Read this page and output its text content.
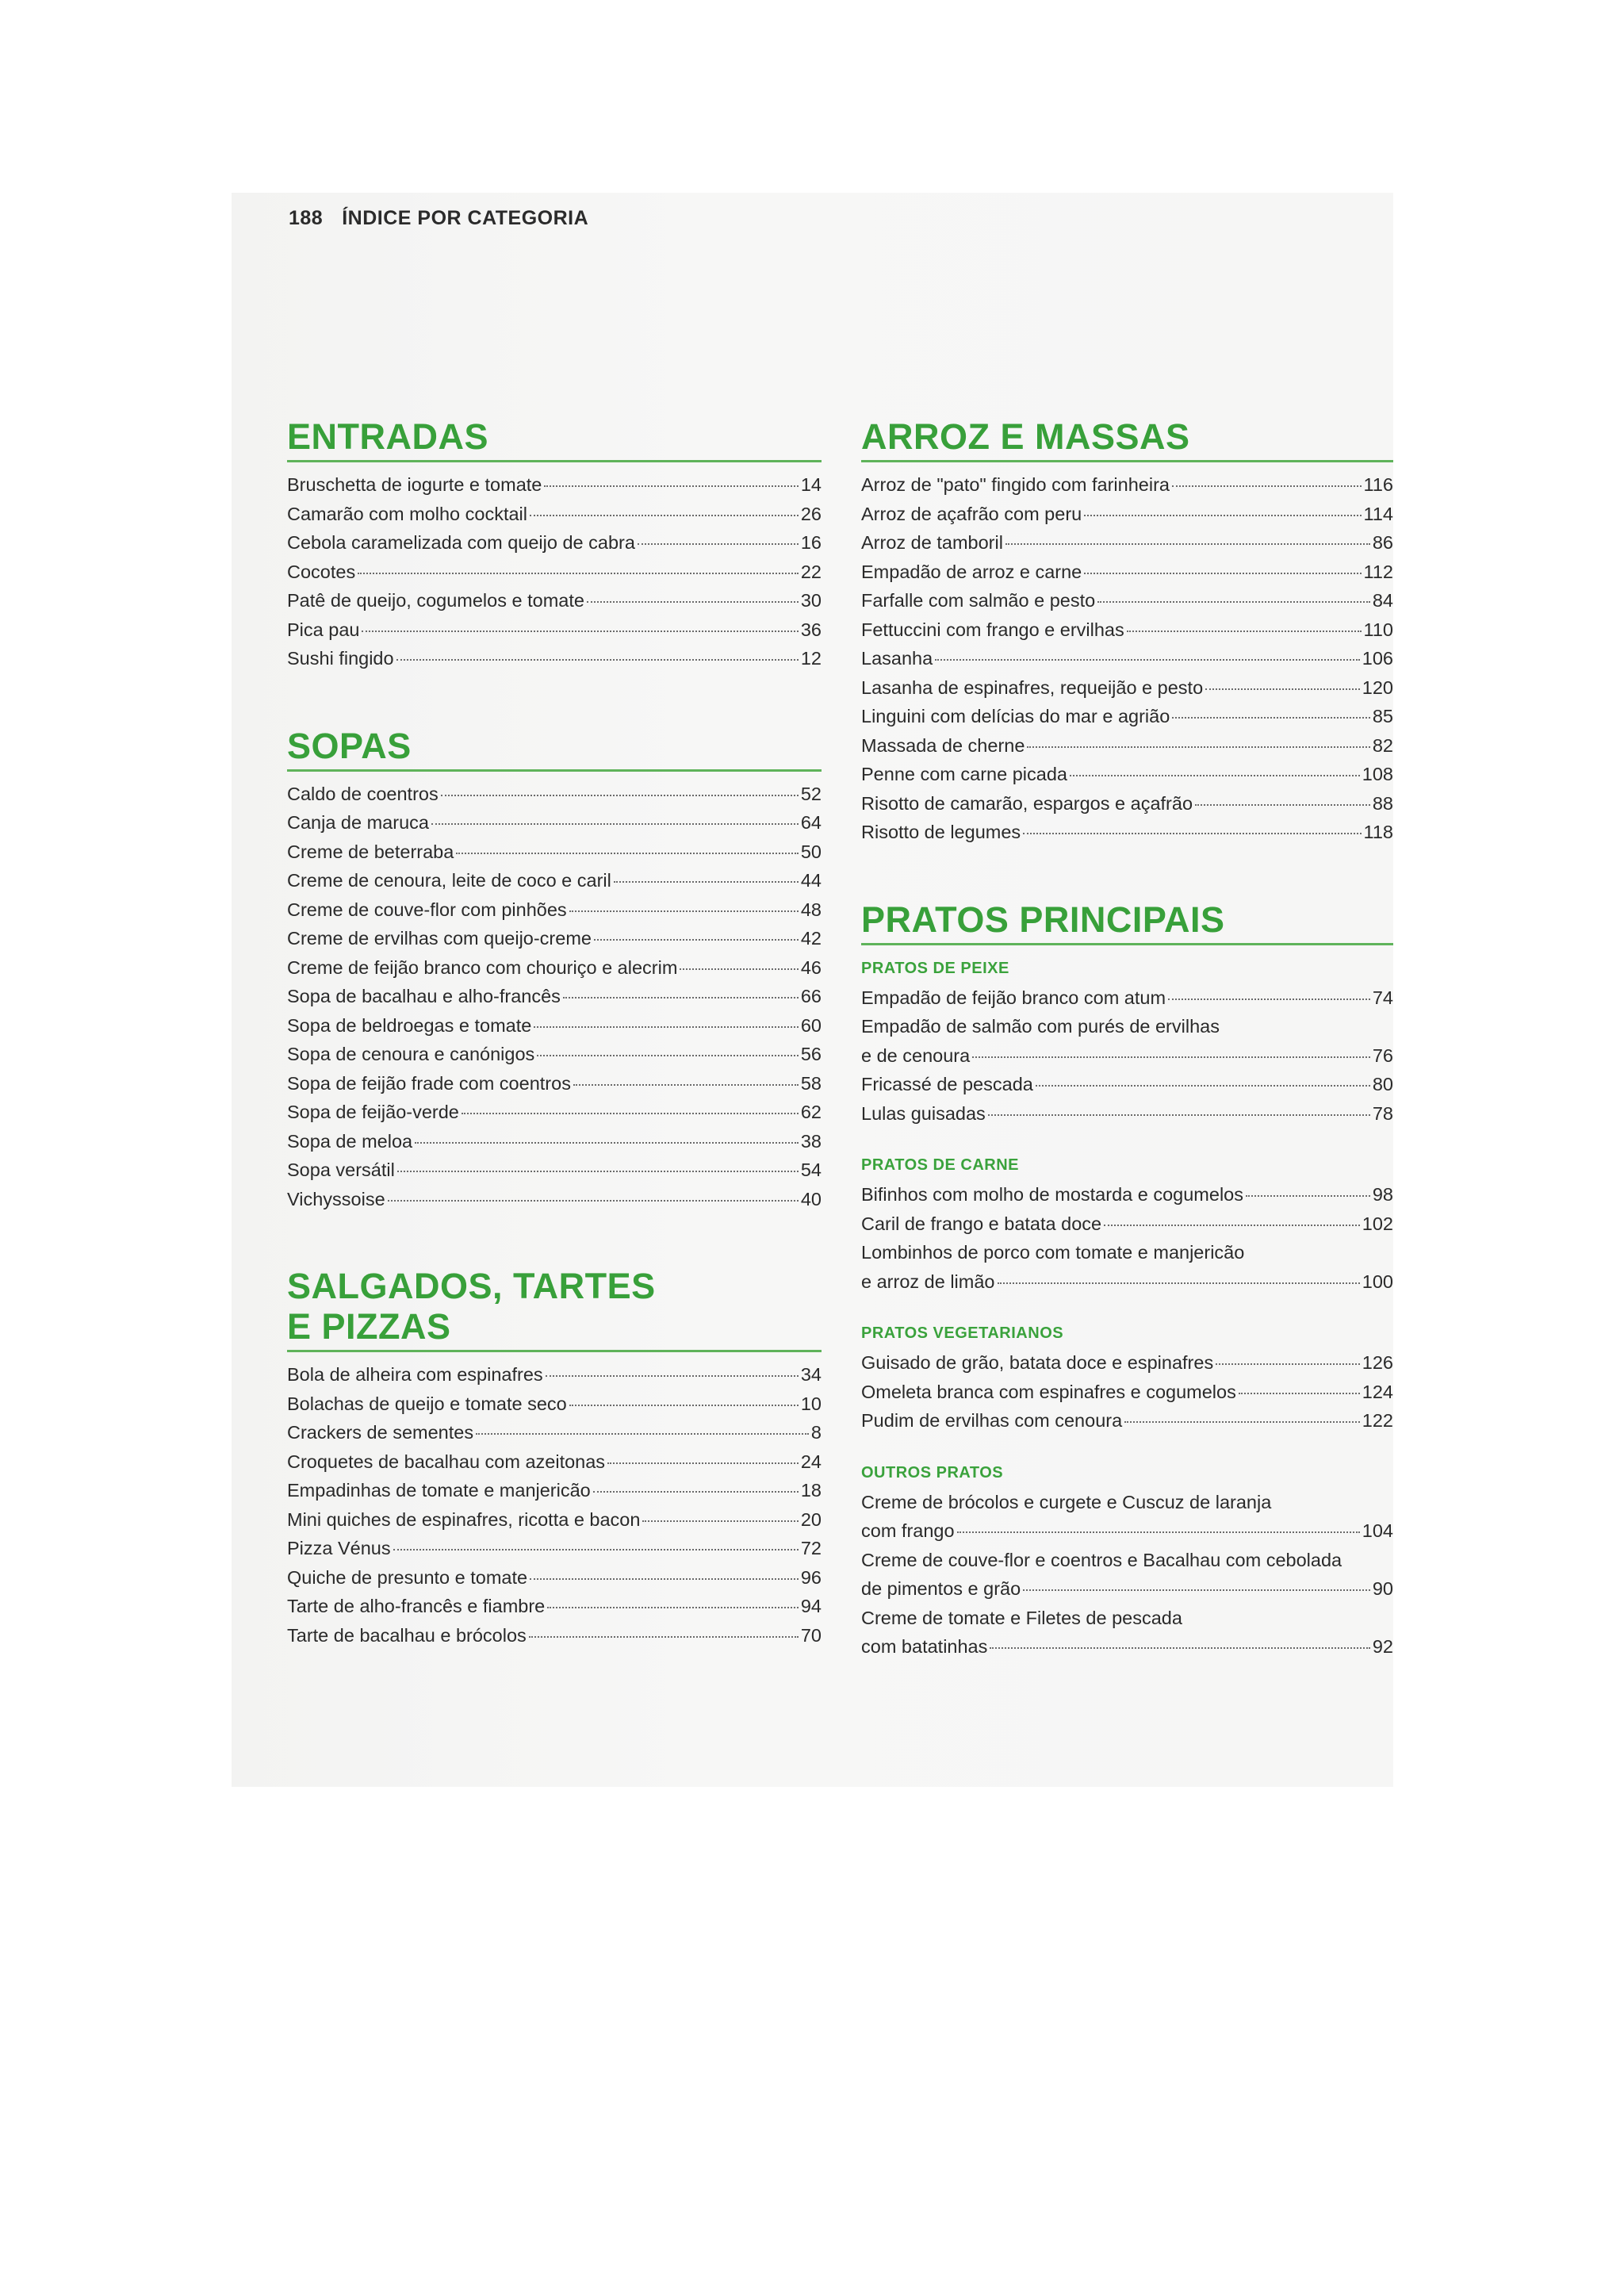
188 ÍNDICE POR CATEGORIA
ENTRADAS
Bruschetta de iogurte e tomate	14
Camarão com molho cocktail	26
Cebola caramelizada com queijo de cabra	16
Cocotes	22
Patê de queijo, cogumelos e tomate	30
Pica pau	36
Sushi fingido	12
SOPAS
Caldo de coentros	52
Canja de maruca	64
Creme de beterraba	50
Creme de cenoura, leite de coco e caril	44
Creme de couve-flor com pinhões	48
Creme de ervilhas com queijo-creme	42
Creme de feijão branco com chouriço e alecrim	46
Sopa de bacalhau e alho-francês	66
Sopa de beldroegas e tomate	60
Sopa de cenoura e canónigos	56
Sopa de feijão frade com coentros	58
Sopa de feijão-verde	62
Sopa de meloa	38
Sopa versátil	54
Vichyssoise	40
SALGADOS, TARTES
E PIZZAS
Bola de alheira com espinafres	34
Bolachas de queijo e tomate seco	10
Crackers de sementes	8
Croquetes de bacalhau com azeitonas	24
Empadinhas de tomate e manjericão	18
Mini quiches de espinafres, ricotta e bacon	20
Pizza Vénus	72
Quiche de presunto e tomate	96
Tarte de alho-francês e fiambre	94
Tarte de bacalhau e brócolos	70
ARROZ E MASSAS
Arroz de "pato" fingido com farinheira	116
Arroz de açafrão com peru	114
Arroz de tamboril	86
Empadão de arroz e carne	112
Farfalle com salmão e pesto	84
Fettuccini com frango e ervilhas	110
Lasanha	106
Lasanha de espinafres, requeijão e pesto	120
Linguini com delícias do mar e agrião	85
Massada de cherne	82
Penne com carne picada	108
Risotto de camarão, espargos e açafrão	88
Risotto de legumes	118
PRATOS PRINCIPAIS
PRATOS DE PEIXE
Empadão de feijão branco com atum	74
Empadão de salmão com purés de ervilhas
e de cenoura	76
Fricassé de pescada	80
Lulas guisadas	78
PRATOS DE CARNE
Bifinhos com molho de mostarda e cogumelos	98
Caril de frango e batata doce	102
Lombinhos de porco com tomate e manjericão
e arroz de limão	100
PRATOS VEGETARIANOS
Guisado de grão, batata doce e espinafres	126
Omeleta branca com espinafres e cogumelos	124
Pudim de ervilhas com cenoura	122
OUTROS PRATOS
Creme de brócolos e curgete e Cuscuz de laranja
com frango	104
Creme de couve-flor e coentros e Bacalhau com cebolada
de pimentos e grão	90
Creme de tomate e Filetes de pescada
com batatinhas	92
